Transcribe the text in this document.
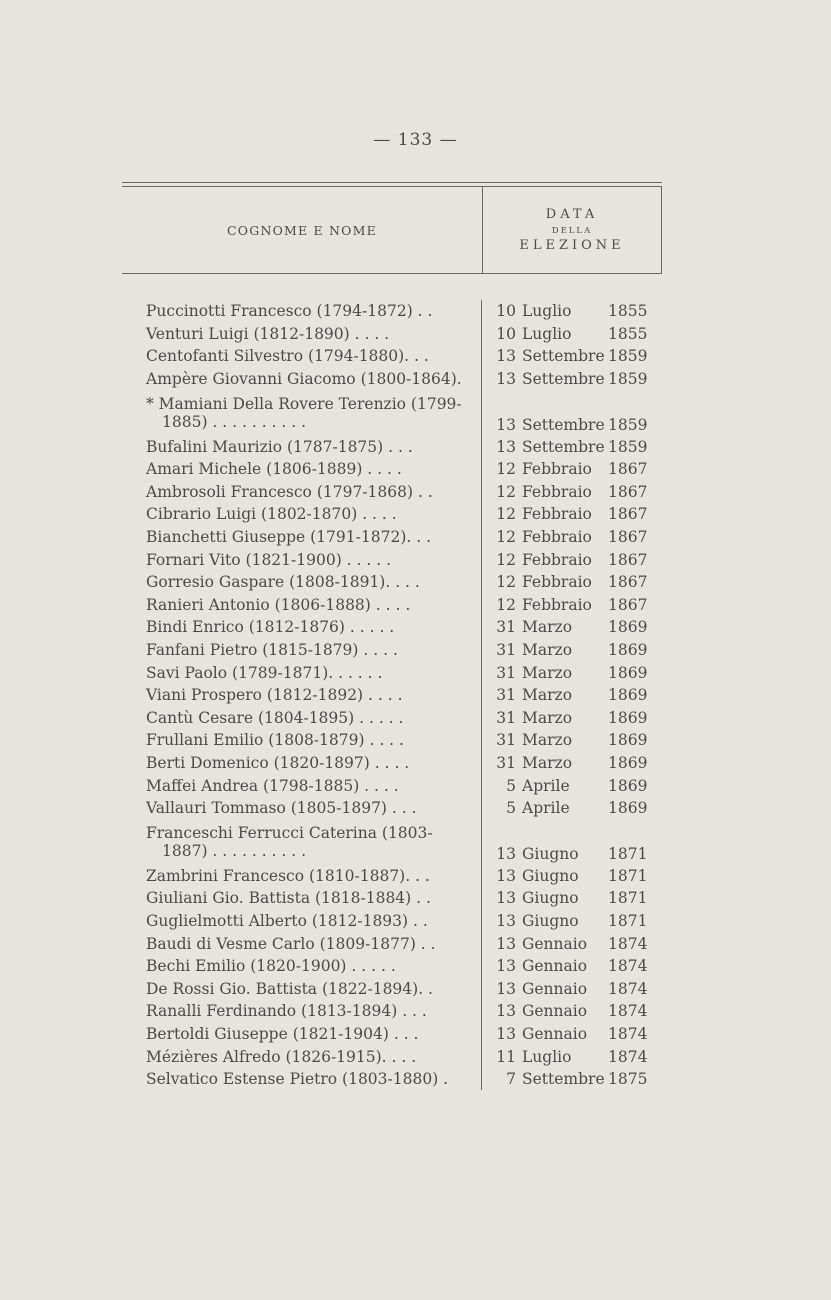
— 133 —
COGNOME E NOME
DATA
DELLA
ELEZIONE
Puccinotti Francesco (1794-1872) . .	10 Luglio	1855
Venturi Luigi (1812-1890) . . . .	10 Luglio	1855
Centofanti Silvestro (1794-1880). . .	13 Settembre 1859
Ampère Giovanni Giacomo (1800-1864).	13 Settembre 1859
* Mamiani Della Rovere Terenzio (1799-
1885) . . . . . . . . . .	13 Settembre 1859
Bufalini Maurizio (1787-1875) . . .	13 Settembre 1859
Amari Michele (1806-1889) . . . .	12 Febbraio	1867
Ambrosoli Francesco (1797-1868) . .	12 Febbraio	1867
Cibrario Luigi (1802-1870) . . . .	12 Febbraio	1867
Bianchetti Giuseppe (1791-1872). . .	12 Febbraio	1867
Fornari Vito (1821-1900) . . . . .	12 Febbraio	1867
Gorresio Gaspare (1808-1891). . . .	12 Febbraio	1867
Ranieri Antonio (1806-1888) . . . .	12 Febbraio	1867
Bindi Enrico (1812-1876) . . . . .	31 Marzo	1869
Fanfani Pietro (1815-1879) . . . .	31 Marzo	1869
Savi Paolo (1789-1871). . . . . .	31 Marzo	1869
Viani Prospero (1812-1892) . . . .	31 Marzo	1869
Cantù Cesare (1804-1895) . . . . .	31 Marzo	1869
Frullani Emilio (1808-1879) . . . .	31 Marzo	1869
Berti Domenico (1820-1897) . . . .	31 Marzo	1869
Maffei Andrea (1798-1885) . . . .	5 Aprile	1869
Vallauri Tommaso (1805-1897) . . .	5 Aprile	1869
Franceschi Ferrucci Caterina (1803-
1887) . . . . . . . . . .	13 Giugno	1871
Zambrini Francesco (1810-1887). . .	13 Giugno	1871
Giuliani Gio. Battista (1818-1884) . .	13 Giugno	1871
Guglielmotti Alberto (1812-1893) . .	13 Giugno	1871
Baudi di Vesme Carlo (1809-1877) . .	13 Gennaio	1874
Bechi Emilio (1820-1900) . . . . .	13 Gennaio	1874
De Rossi Gio. Battista (1822-1894). .	13 Gennaio	1874
Ranalli Ferdinando (1813-1894) . . .	13 Gennaio	1874
Bertoldi Giuseppe (1821-1904) . . .	13 Gennaio	1874
Mézières Alfredo (1826-1915). . . .	11 Luglio	1874
Selvatico Estense Pietro (1803-1880) .	7 Settembre 1875
